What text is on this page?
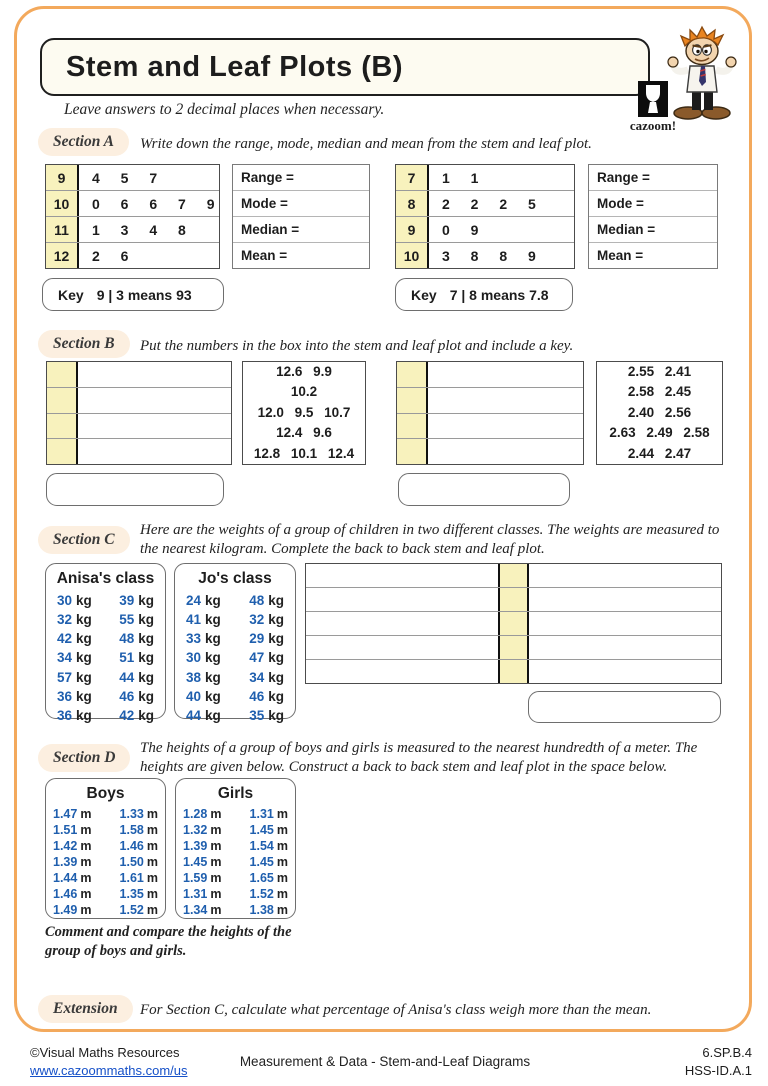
Stem and Leaf Plots (B)
cazoom!
Leave answers to 2 decimal places when necessary.
Section A	Write down the range, mode, median and mean from the stem and leaf plot.
9	4 5 7
10	0 6 6 7 9
11	1 3 4 8
12	2 6
Range =
Mode =
Median =
Mean =
7	1 1
8	2 2 2 5
9	0 9
10	3 8 8 9
Range =
Mode =
Median =
Mean =
Key 9 | 3 means 93	Key 7 | 8 means 7.8
Section B	Put the numbers in the box into the stem and leaf plot and include a key.
12.6 9.9
10.2
12.0 9.5 10.7
12.4 9.6
12.8 10.1 12.4
2.55 2.41
2.58 2.45
2.40 2.56
2.63 2.49 2.58
2.44 2.47
Section C
Here are the weights of a group of children in two different classes. The weights are measured to the nearest kilogram. Complete the back to back stem and leaf plot.
Anisa's class
30 kg 39 kg
32 kg 55 kg
42 kg 48 kg
34 kg 51 kg
57 kg 44 kg
36 kg 46 kg
36 kg 42 kg
Jo's class
24 kg 48 kg
41 kg 32 kg
33 kg 29 kg
30 kg 47 kg
38 kg 34 kg
40 kg 46 kg
44 kg 35 kg
Section D
The heights of a group of boys and girls is measured to the nearest hundredth of a meter. The heights are given below. Construct a back to back stem and leaf plot in the space below.
Boys
1.47 m 1.33 m
1.51 m 1.58 m
1.42 m 1.46 m
1.39 m 1.50 m
1.44 m 1.61 m
1.46 m 1.35 m
1.49 m 1.52 m
Girls
1.28 m 1.31 m
1.32 m 1.45 m
1.39 m 1.54 m
1.45 m 1.45 m
1.59 m 1.65 m
1.31 m 1.52 m
1.34 m 1.38 m
Comment and compare the heights of the group of boys and girls.
Extension	For Section C, calculate what percentage of Anisa's class weigh more than the mean.
©Visual Maths Resources
www.cazoommaths.com/us
Measurement & Data - Stem-and-Leaf Diagrams
6.SP.B.4
HSS-ID.A.1
